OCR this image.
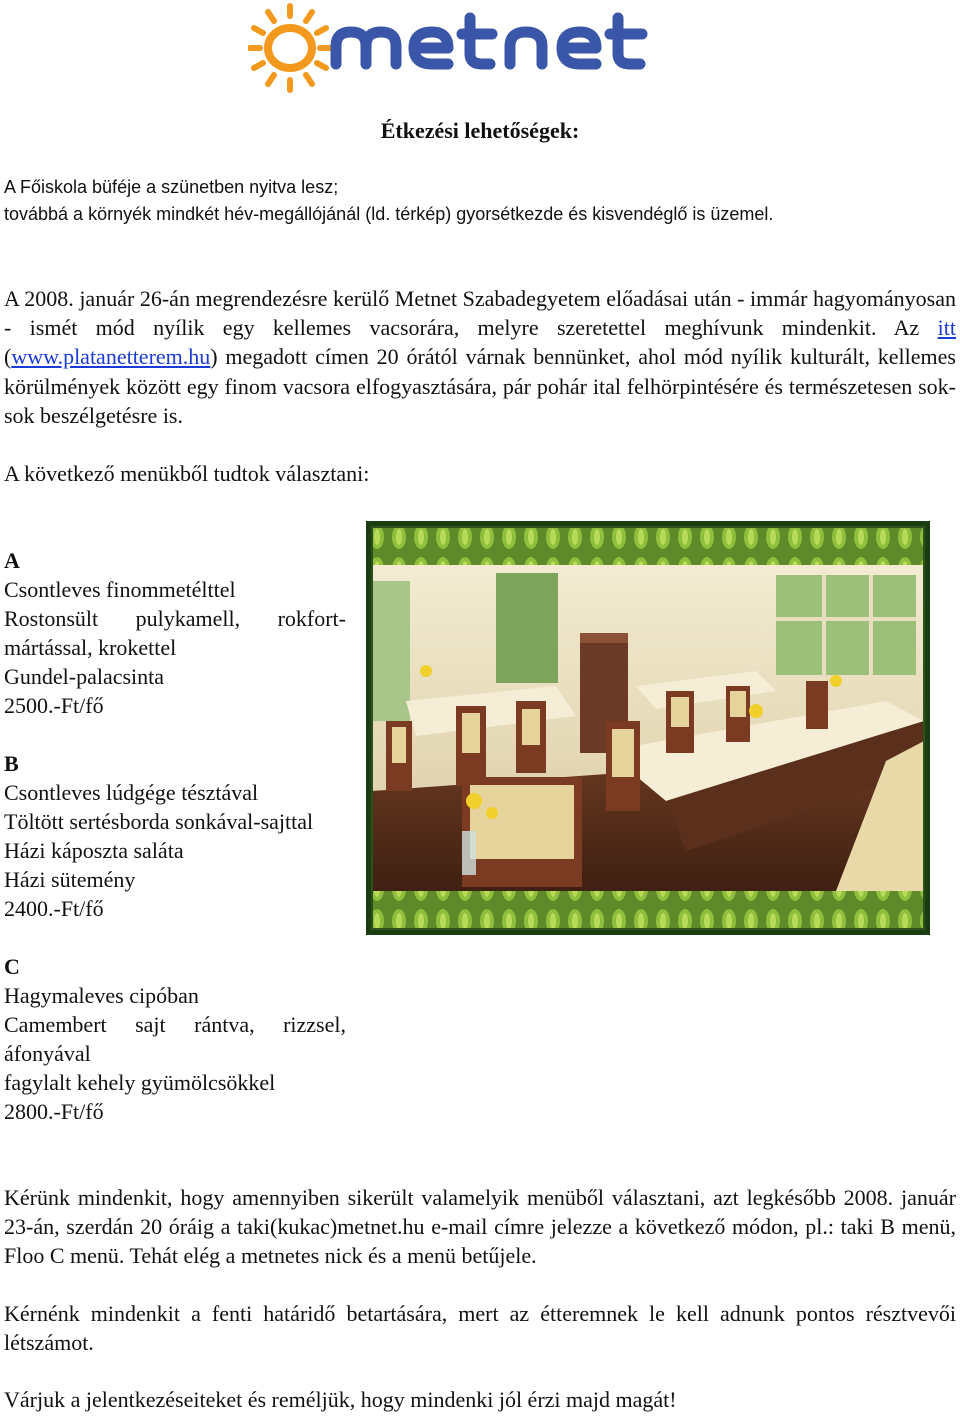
Étkezési lehetőségek:
A Főiskola büféje a szünetben nyitva lesz;
továbbá a környék mindkét hév-megállójánál (ld. térkép) gyorsétkezde és kisvendéglő is üzemel.
A 2008. január 26-án megrendezésre kerülő Metnet Szabadegyetem előadásai után - immár hagyományosan - ismét mód nyílik egy kellemes vacsorára, melyre szeretettel meghívunk mindenkit. Az itt (www.platanetterem.hu) megadott címen 20 órától várnak bennünket, ahol mód nyílik kulturált, kellemes körülmények között egy finom vacsora elfogyasztására, pár pohár ital felhörpintésére és természetesen sok-sok beszélgetésre is.
A következő menükből tudtok választani:
A
Csontleves finommetélttel
Rostonsült pulykamell, rokfort-mártással, krokettel
Gundel-palacsinta
2500.-Ft/fő
B
Csontleves lúdgége tésztával
Töltött sertésborda sonkával-sajttal
Házi káposzta saláta
Házi sütemény
2400.-Ft/fő
C
Hagymaleves cipóban
Camembert sajt rántva, rizzsel, áfonyával
fagylalt kehely gyümölcsökkel
2800.-Ft/fő
Kérünk mindenkit, hogy amennyiben sikerült valamelyik menüből választani, azt legkésőbb 2008. január 23-án, szerdán 20 óráig a taki(kukac)metnet.hu e-mail címre jelezze a következő módon, pl.: taki B menü, Floo C menü. Tehát elég a metnetes nick és a menü betűjele.
Kérnénk mindenkit a fenti határidő betartására, mert az étteremnek le kell adnunk pontos résztvevői létszámot.
Várjuk a jelentkezéseiteket és reméljük, hogy mindenki jól érzi majd magát!
